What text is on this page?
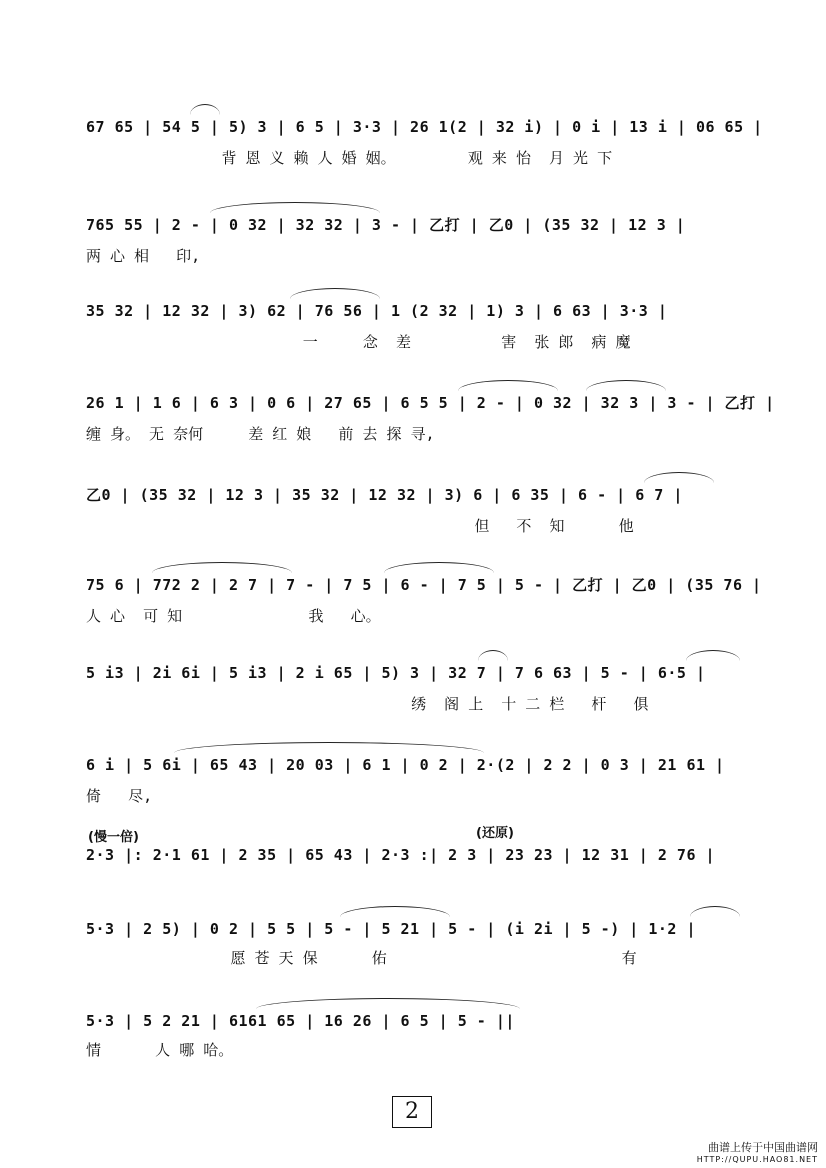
67 65 | 54 5 | 5) 3 | 6 5 | 3·3 | 26 1(2 | 32 i) | 0 i | 13 i | 06 65 |
背 恩 义 赖 人 婚 姻。        观 来 怡  月 光 下
765 55 | 2 - | 0 32 | 32 32 | 3 - | 乙打 | 乙0 | (35 32 | 12 3 |
两 心 相   印,
35 32 | 12 32 | 3) 62 | 76 56 | 1 (2 32 | 1) 3 | 6 63 | 3·3 |
一     念  差          害  张 郎  病 魔
26 1 | 1 6 | 6 3 | 0 6 | 27 65 | 6 5 5 | 2 - | 0 32 | 32 3 | 3 - | 乙打 |
缠 身。 无 奈何     差 红 娘   前 去 探 寻,
乙0 | (35 32 | 12 3 | 35 32 | 12 32 | 3) 6 | 6 35 | 6 - | 6 7 |
但   不  知      他
75 6 | 772 2 | 2 7 | 7 - | 7 5 | 6 - | 7 5 | 5 - | 乙打 | 乙0 | (35 76 |
人 心  可 知              我   心。
5 i3 | 2i 6i | 5 i3 | 2 i 65 | 5) 3 | 32 7 | 7 6 63 | 5 - | 6·5 |
绣  阁 上  十 二 栏   杆   俱
6 i | 5 6i | 65 43 | 20 03 | 6 1 | 0 2 | 2·(2 | 2 2 | 0 3 | 21 61 |
倚   尽,
(慢一倍)	(还原)
2·3 |: 2·1 61 | 2 35 | 65 43 | 2·3 :| 2 3 | 23 23 | 12 31 | 2 76 |
5·3 | 2 5) | 0 2 | 5 5 | 5 - | 5 21 | 5 - | (i 2i | 5 -) | 1·2 |
愿 苍 天 保      佑                          有
5·3 | 5 2 21 | 6161 65 | 16 26 | 6 5 | 5 - ||
情      人 哪 哈。
2
曲谱上传于中国曲谱网
HTTP://QUPU.HAO81.NET
